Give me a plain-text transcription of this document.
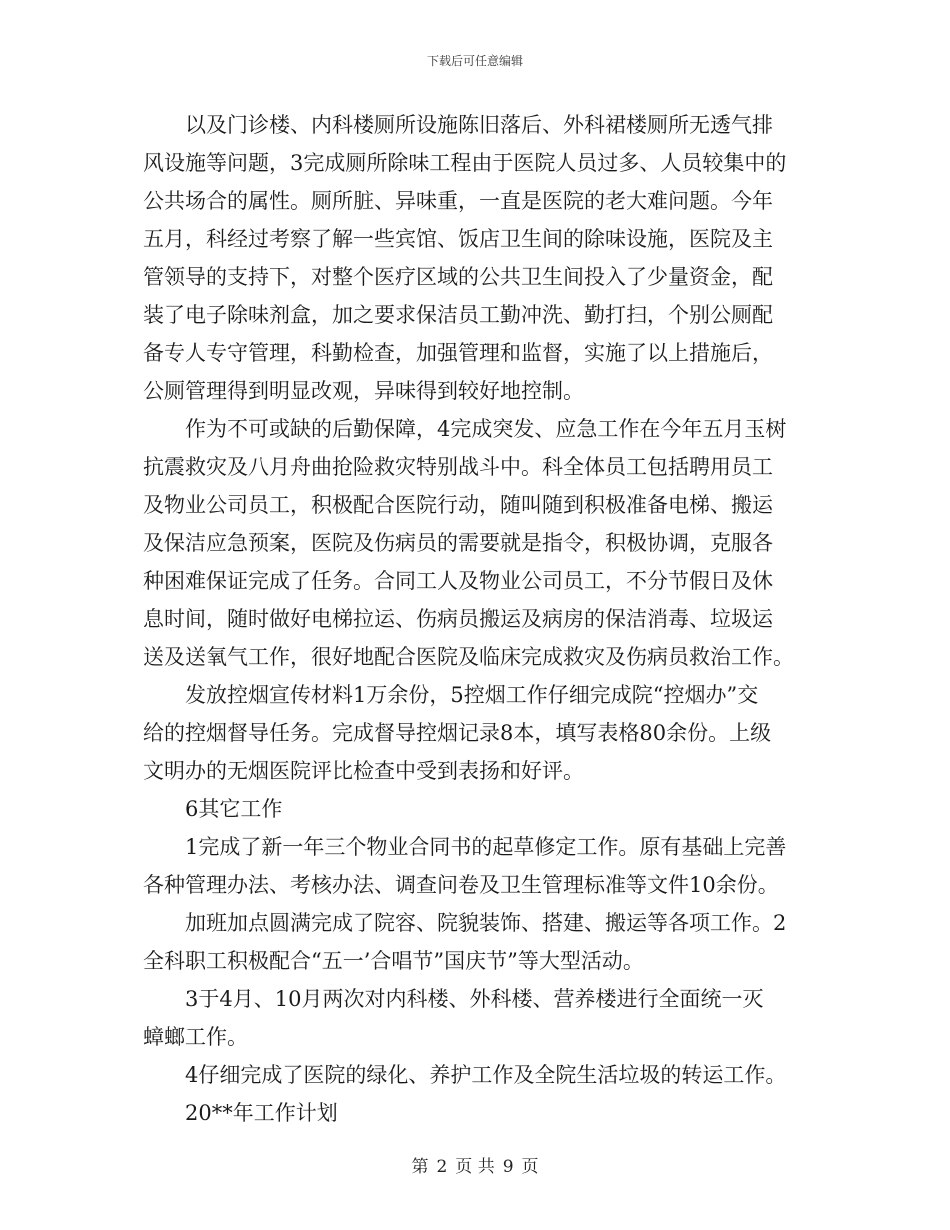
下载后可任意编辑
以及门诊楼、内科楼厕所设施陈旧落后、外科裙楼厕所无透气排
风设施等问题，3完成厕所除味工程由于医院人员过多、人员较集中的
公共场合的属性。厕所脏、异味重，一直是医院的老大难问题。今年
五月，科经过考察了解一些宾馆、饭店卫生间的除味设施，医院及主
管领导的支持下，对整个医疗区域的公共卫生间投入了少量资金，配
装了电子除味剂盒，加之要求保洁员工勤冲洗、勤打扫，个别公厕配
备专人专守管理，科勤检查，加强管理和监督，实施了以上措施后，
公厕管理得到明显改观，异味得到较好地控制。
作为不可或缺的后勤保障，4完成突发、应急工作在今年五月玉树
抗震救灾及八月舟曲抢险救灾特别战斗中。科全体员工包括聘用员工
及物业公司员工，积极配合医院行动，随叫随到积极准备电梯、搬运
及保洁应急预案，医院及伤病员的需要就是指令，积极协调，克服各
种困难保证完成了任务。合同工人及物业公司员工，不分节假日及休
息时间，随时做好电梯拉运、伤病员搬运及病房的保洁消毒、垃圾运
送及送氧气工作，很好地配合医院及临床完成救灾及伤病员救治工作。
发放控烟宣传材料1万余份，5控烟工作仔细完成院“控烟办”交
给的控烟督导任务。完成督导控烟记录8本，填写表格80余份。上级
文明办的无烟医院评比检查中受到表扬和好评。
6其它工作
1完成了新一年三个物业合同书的起草修定工作。原有基础上完善
各种管理办法、考核办法、调查问卷及卫生管理标准等文件10余份。
加班加点圆满完成了院容、院貌装饰、搭建、搬运等各项工作。2
全科职工积极配合“五一’合唱节”国庆节”等大型活动。
3于4月、10月两次对内科楼、外科楼、营养楼进行全面统一灭
蟑螂工作。
4仔细完成了医院的绿化、养护工作及全院生活垃圾的转运工作。
20**年工作计划
第 2 页 共 9 页
